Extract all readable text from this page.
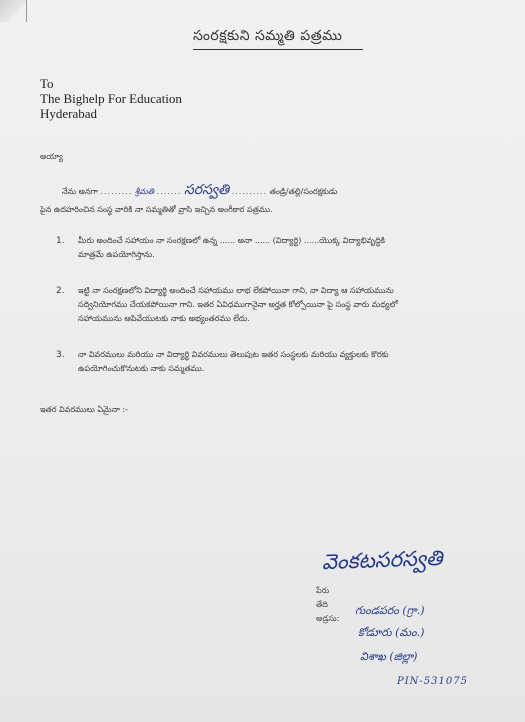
సంరక్షకుని సమ్మతి పత్రము
To
The Bighelp For Education
Hyderabad
అయ్యా
నేను అనగా ......... శ్రీమతి ....... సరస్వతి .......... తండ్రి/తల్లి/సంరక్షకుడు
పైన ఉదహరించిన సంస్థ వారికి నా సమ్మతితో వ్రాసి ఇచ్చిన అంగీకార పత్రము.
1. మీరు అందించే సహాయం నా సంరక్షణలో ఉన్న ...... అనా ...... (విద్యార్థి) ......యొక్క విద్యాభివృద్ధికి
మాత్రమే ఉపయోగిస్తాను.
2. ఇట్టి నా సంరక్షణలోని విద్యార్థి అందించే సహాయము లాభ లేకపోయినా గాని, నా విద్యా ఆ సహాయమును
సద్వినియోగము చేయకపోయినా గాని. ఇతర ఏవిధముగానైనా అర్హత కోల్పోయినా పై సంస్థ వారు మధ్యలో
సహాయమును ఆపివేయుటకు నాకు అభ్యంతరము లేదు.
3. నా వివరములు మరియు నా విద్యార్థి వివరములు తెలుపుట ఇతర సంస్థలకు మరియు వ్యక్తులకు కొరకు
ఉపయోగించుకొనుటకు నాకు సమ్మతము.
ఇతర వివరములు ఏమైనా :-
వెంకటసరస్వతి
పేరు
తేది
అడ్రసు:
గుండపరం (గ్రా.)
కోడూరు (మం.)
విశాఖ (జిల్లా)
PIN-531075
